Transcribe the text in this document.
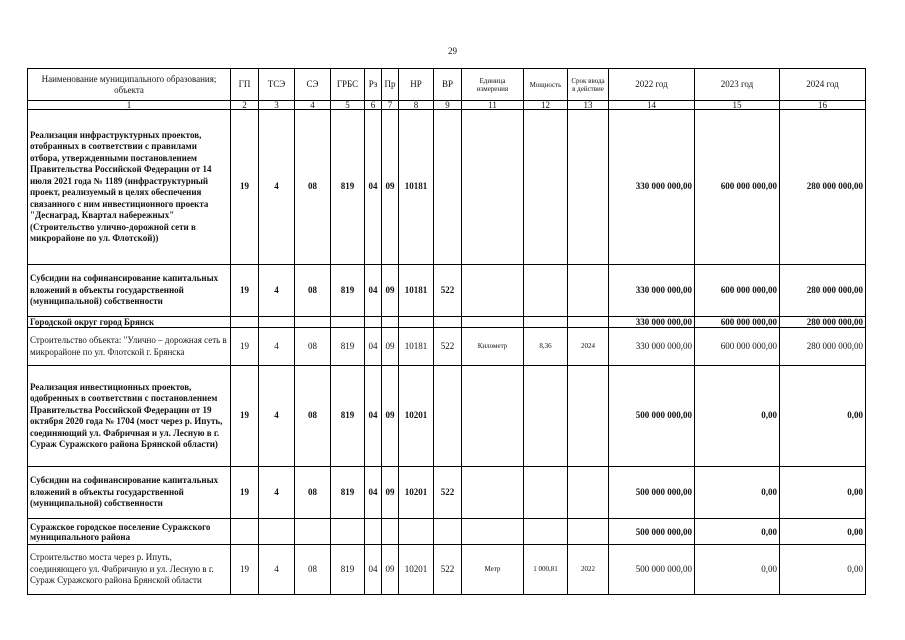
29
Наименование муниципального образования; объекта	ГП	ТСЭ	СЭ	ГРБС	Рз	Пр	НР	ВР	Единица измерения	Мощность	Срок ввода в действие	2022 год	2023 год	2024 год
1	2	3	4	5	6	7	8	9	11	12	13	14	15	16
Реализация инфраструктурных проектов, отобранных в соответствии с правилами отбора, утвержденными постановлением Правительства Российской Федерации от 14 июля 2021 года № 1189 (инфраструктурный проект, реализуемый в целях обеспечения связанного с ним инвестиционного проекта "Деснаград, Квартал набережных" (Строительство улично-дорожной сети в микрорайоне по ул. Флотской))	19	4	08	819	04	09	10181					330 000 000,00	600 000 000,00	280 000 000,00
Субсидии на софинансирование капитальных вложений в объекты государственной (муниципальной) собственности	19	4	08	819	04	09	10181	522				330 000 000,00	600 000 000,00	280 000 000,00
Городской округ город Брянск												330 000 000,00	600 000 000,00	280 000 000,00
Строительство объекта: "Улично – дорожная сеть в микрорайоне по ул. Флотской г. Брянска	19	4	08	819	04	09	10181	522	Километр	8,36	2024	330 000 000,00	600 000 000,00	280 000 000,00
Реализация инвестиционных проектов, одобренных в соответствии с постановлением Правительства Российской Федерации от 19 октября 2020 года № 1704 (мост через р. Ипуть, соединяющий ул. Фабричная и ул. Лесную в г. Сураж Суражского района Брянской области)	19	4	08	819	04	09	10201					500 000 000,00	0,00	0,00
Субсидии на софинансирование капитальных вложений в объекты государственной (муниципальной) собственности	19	4	08	819	04	09	10201	522				500 000 000,00	0,00	0,00
Суражское городское поселение Суражского муниципального района												500 000 000,00	0,00	0,00
Строительство моста через р. Ипуть, соединяющего ул. Фабричную и ул. Лесную в г. Сураж Суражского района Брянской области	19	4	08	819	04	09	10201	522	Метр	1 000,81	2022	500 000 000,00	0,00	0,00
